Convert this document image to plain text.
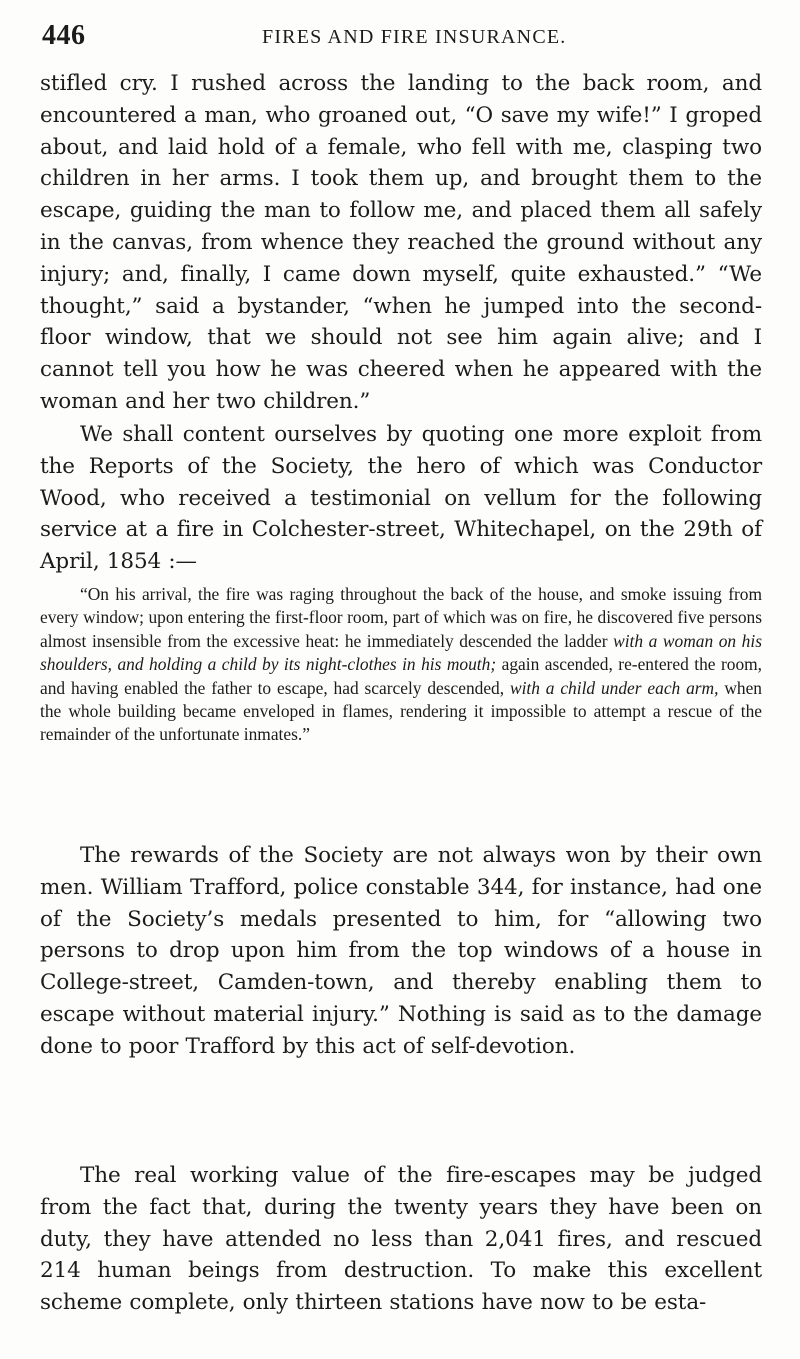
446	FIRES AND FIRE INSURANCE.

stifled cry. I rushed across the landing to the back room, and encountered a man, who groaned out, “O save my wife!” I groped about, and laid hold of a female, who fell with me, clasping two children in her arms. I took them up, and brought them to the escape, guiding the man to follow me, and placed them all safely in the canvas, from whence they reached the ground without any injury; and, finally, I came down myself, quite exhausted.” “We thought,” said a bystander, “when he jumped into the second-floor window, that we should not see him again alive; and I cannot tell you how he was cheered when he appeared with the woman and her two children.”

We shall content ourselves by quoting one more exploit from the Reports of the Society, the hero of which was Conductor Wood, who received a testimonial on vellum for the following service at a fire in Colchester-street, Whitechapel, on the 29th of April, 1854 :—

“On his arrival, the fire was raging throughout the back of the house, and smoke issuing from every window; upon entering the first-floor room, part of which was on fire, he discovered five persons almost insensible from the excessive heat: he immediately descended the ladder with a woman on his shoulders, and holding a child by its night-clothes in his mouth; again ascended, re-entered the room, and having enabled the father to escape, had scarcely descended, with a child under each arm, when the whole building became enveloped in flames, rendering it impossible to attempt a rescue of the remainder of the unfortunate inmates.”

The rewards of the Society are not always won by their own men. William Trafford, police constable 344, for instance, had one of the Society’s medals presented to him, for “allowing two persons to drop upon him from the top windows of a house in College-street, Camden-town, and thereby enabling them to escape without material injury.” Nothing is said as to the damage done to poor Trafford by this act of self-devotion.

The real working value of the fire-escapes may be judged from the fact that, during the twenty years they have been on duty, they have attended no less than 2,041 fires, and rescued 214 human beings from destruction. To make this excellent scheme complete, only thirteen stations have now to be esta-
